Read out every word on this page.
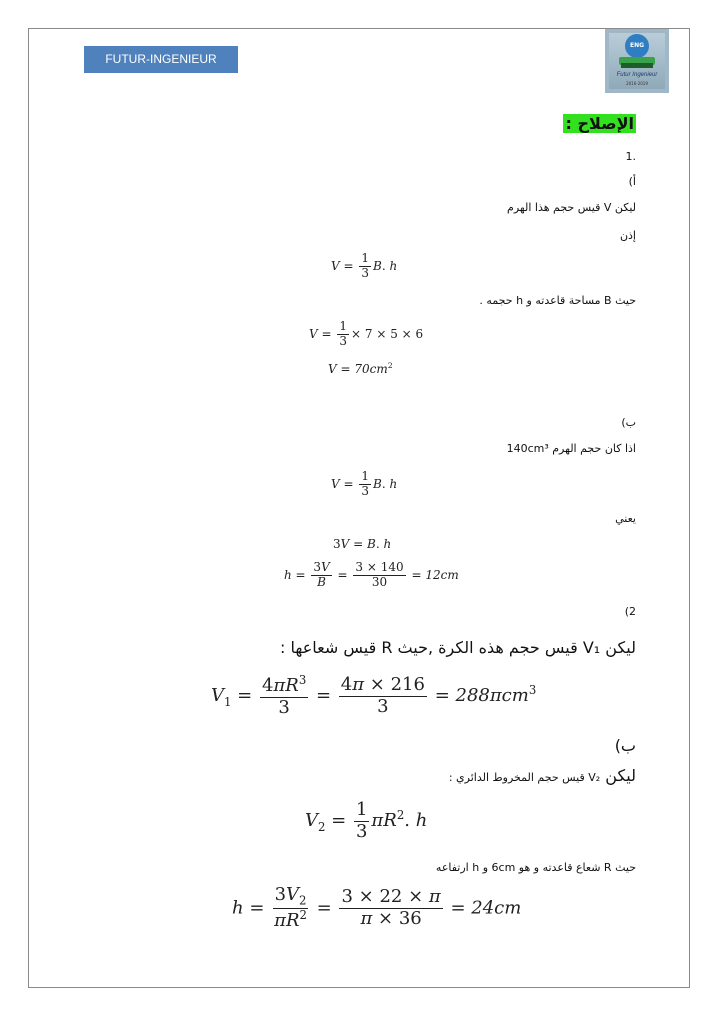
FUTUR-INGENIEUR
ENG
Futur Ingenieur
2016-2019
الإصلاح :
.1
أ)
ليكن V قيس حجم هذا الهرم
إذن
$V = \frac{1}{3} B$. h
حيث B مساحة قاعدته و h حجمه .
$V = \frac{1}{3} \times 7 \times 5 \times 6$
$V = 70cm^2$
ب)
اذا كان حجم الهرم 140cm³
$V = \frac{1}{3} B$. h
يعني
3V = B. h
$h = \frac{3V}{B} = \frac{3 \times 140}{30} = 12cm$
2)
ليكن V₁ قيس حجم هذه الكرة ,حيث R قيس شعاعها :
$V_1 = \frac{4\pi R^3}{3} = \frac{4\pi \times 216}{3} = 288\pi cm^3$
ب)
ليكن V₂ قيس حجم المخروط الدائري :
$V_2 = \frac{1}{3} \pi R^2$. h
حيث R شعاع قاعدته و هو 6cm و h ارتفاعه
$h = \frac{3V_2}{\pi R^2} = \frac{3 \times 22 \times \pi}{\pi \times 36} = 24cm$
